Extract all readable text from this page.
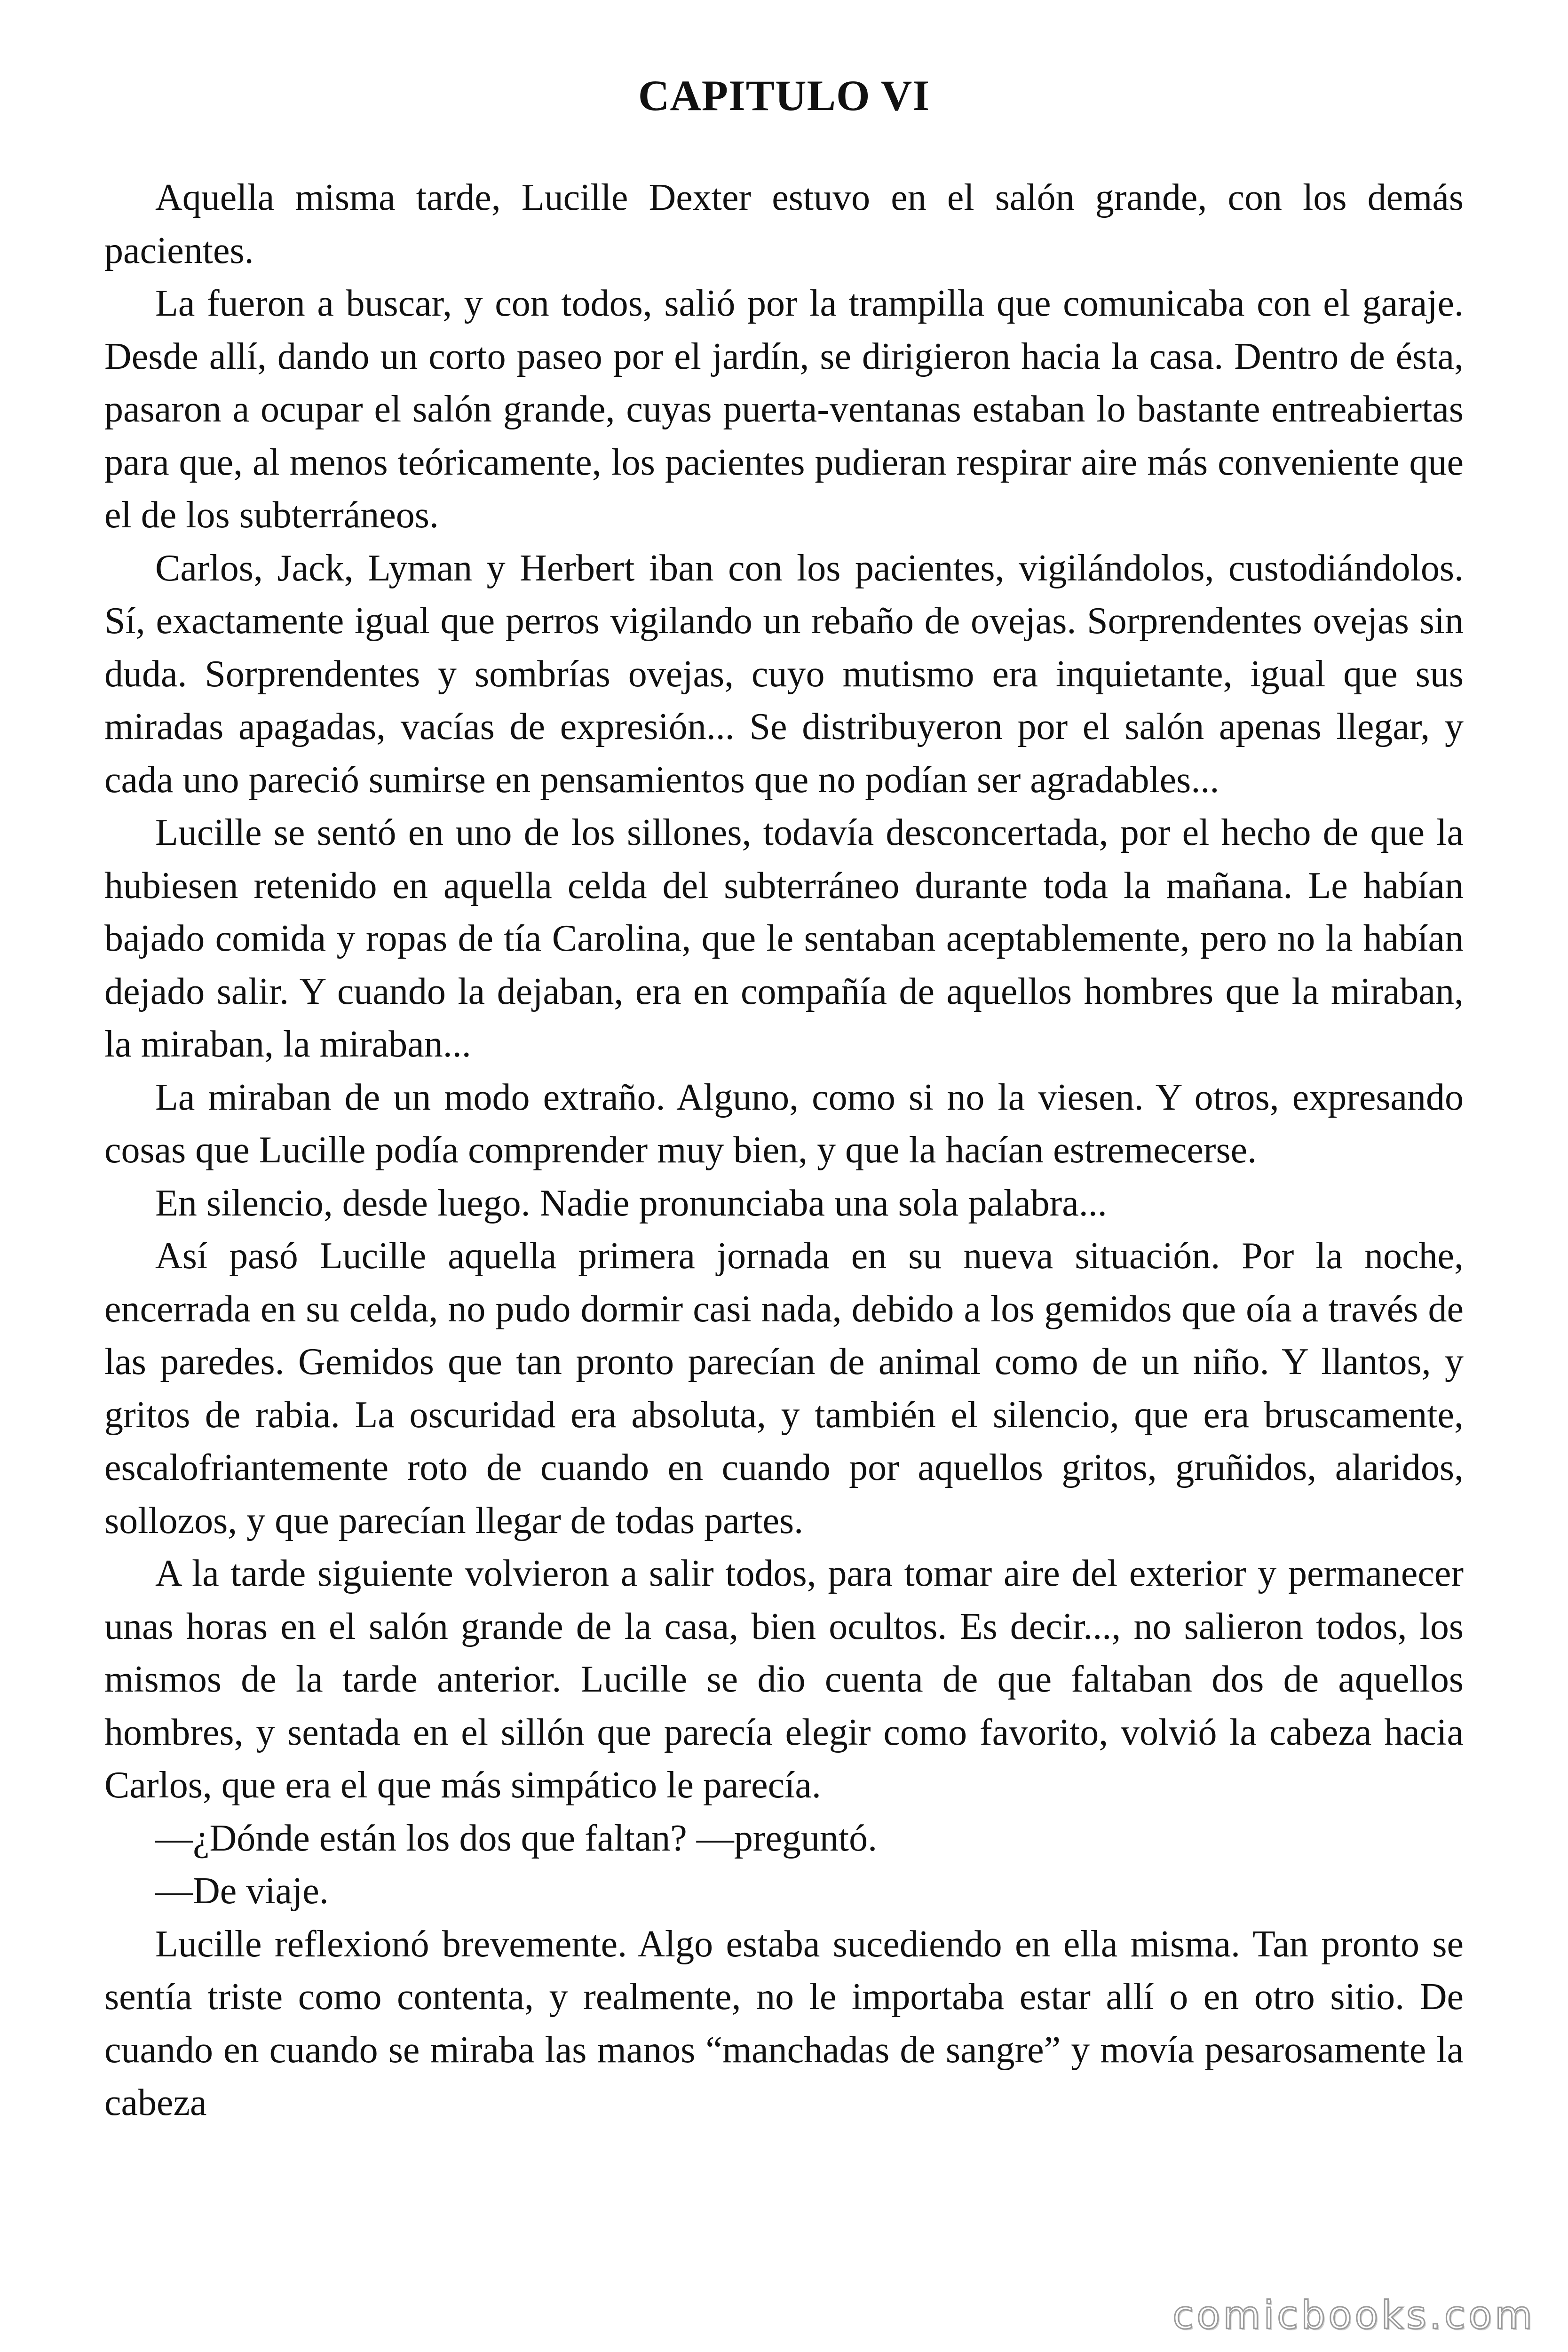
CAPITULO VI

Aquella misma tarde, Lucille Dexter estuvo en el salón grande, con los demás pacientes.

La fueron a buscar, y con todos, salió por la trampilla que comunicaba con el garaje. Desde allí, dando un corto paseo por el jardín, se dirigieron hacia la casa. Dentro de ésta, pasaron a ocupar el salón grande, cuyas puerta-ventanas estaban lo bastante entreabiertas para que, al menos teóricamente, los pacientes pudieran respirar aire más conveniente que el de los subterráneos.

Carlos, Jack, Lyman y Herbert iban con los pacientes, vigilándolos, custodiándolos. Sí, exactamente igual que perros vigilando un rebaño de ovejas. Sorprendentes ovejas sin duda. Sorprendentes y sombrías ovejas, cuyo mutismo era inquietante, igual que sus miradas apagadas, vacías de expresión... Se distribuyeron por el salón apenas llegar, y cada uno pareció sumirse en pensamientos que no podían ser agradables...

Lucille se sentó en uno de los sillones, todavía desconcertada, por el hecho de que la hubiesen retenido en aquella celda del subterráneo durante toda la mañana. Le habían bajado comida y ropas de tía Carolina, que le sentaban aceptablemente, pero no la habían dejado salir. Y cuando la dejaban, era en compañía de aquellos hombres que la miraban, la miraban, la miraban...

La miraban de un modo extraño. Alguno, como si no la viesen. Y otros, expresando cosas que Lucille podía comprender muy bien, y que la hacían estremecerse.

En silencio, desde luego. Nadie pronunciaba una sola palabra...

Así pasó Lucille aquella primera jornada en su nueva situación. Por la noche, encerrada en su celda, no pudo dormir casi nada, debido a los gemidos que oía a través de las paredes. Gemidos que tan pronto parecían de animal como de un niño. Y llantos, y gritos de rabia. La oscuridad era absoluta, y también el silencio, que era bruscamente, escalofriantemente roto de cuando en cuando por aquellos gritos, gruñidos, alaridos, sollozos, y que parecían llegar de todas partes.

A la tarde siguiente volvieron a salir todos, para tomar aire del exterior y permanecer unas horas en el salón grande de la casa, bien ocultos. Es decir..., no salieron todos, los mismos de la tarde anterior. Lucille se dio cuenta de que faltaban dos de aquellos hombres, y sentada en el sillón que parecía elegir como favorito, volvió la cabeza hacia Carlos, que era el que más simpático le parecía.

—¿Dónde están los dos que faltan? —preguntó.

—De viaje.

Lucille reflexionó brevemente. Algo estaba sucediendo en ella misma. Tan pronto se sentía triste como contenta, y realmente, no le importaba estar allí o en otro sitio. De cuando en cuando se miraba las manos “manchadas de sangre” y movía pesarosamente la cabeza

comicbooks.com
